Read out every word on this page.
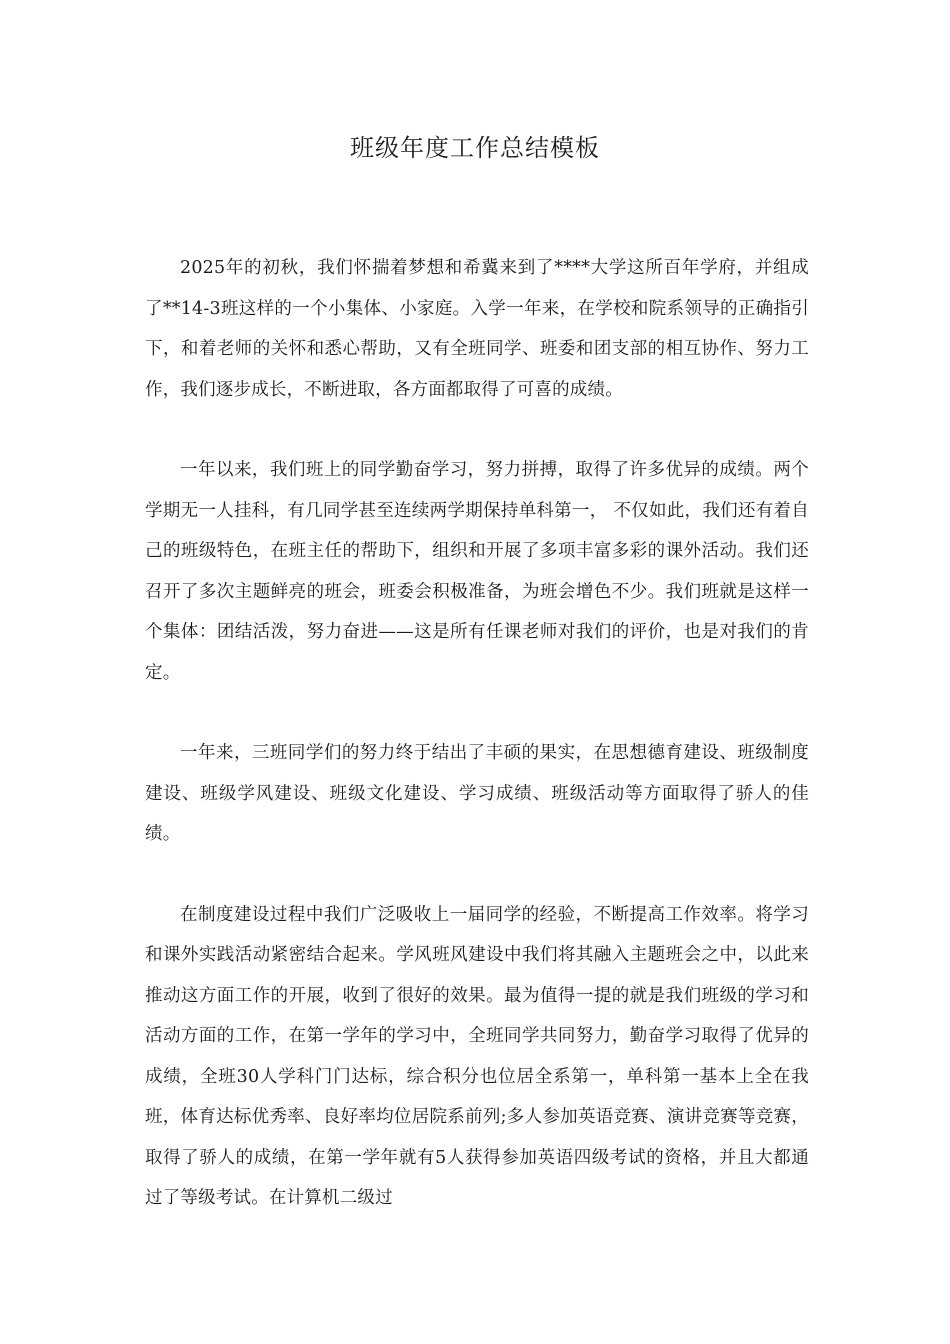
班级年度工作总结模板

2025年的初秋，我们怀揣着梦想和希冀来到了****大学这所百年学府，并组成了**14-3班这样的一个小集体、小家庭。入学一年来，在学校和院系领导的正确指引下，和着老师的关怀和悉心帮助，又有全班同学、班委和团支部的相互协作、努力工作，我们逐步成长，不断进取，各方面都取得了可喜的成绩。

一年以来，我们班上的同学勤奋学习，努力拼搏，取得了许多优异的成绩。两个学期无一人挂科，有几同学甚至连续两学期保持单科第一， 不仅如此，我们还有着自己的班级特色，在班主任的帮助下，组织和开展了多项丰富多彩的课外活动。我们还召开了多次主题鲜亮的班会，班委会积极准备，为班会增色不少。我们班就是这样一个集体：团结活泼，努力奋进——这是所有任课老师对我们的评价，也是对我们的肯定。

一年来，三班同学们的努力终于结出了丰硕的果实，在思想德育建设、班级制度建设、班级学风建设、班级文化建设、学习成绩、班级活动等方面取得了骄人的佳绩。

在制度建设过程中我们广泛吸收上一届同学的经验，不断提高工作效率。将学习和课外实践活动紧密结合起来。学风班风建设中我们将其融入主题班会之中，以此来推动这方面工作的开展，收到了很好的效果。最为值得一提的就是我们班级的学习和活动方面的工作，在第一学年的学习中，全班同学共同努力，勤奋学习取得了优异的成绩，全班30人学科门门达标，综合积分也位居全系第一，单科第一基本上全在我班，体育达标优秀率、良好率均位居院系前列;多人参加英语竞赛、演讲竞赛等竞赛，取得了骄人的成绩，在第一学年就有5人获得参加英语四级考试的资格，并且大都通过了等级考试。在计算机二级过
